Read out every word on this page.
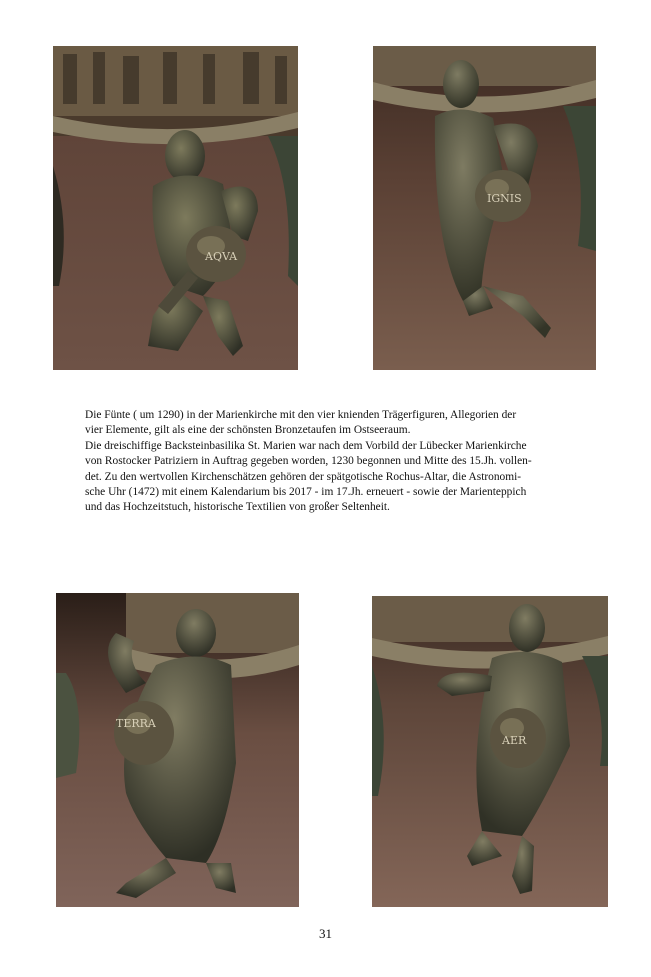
AQVA
IGNIS

Die Fünte ( um 1290) in der Marienkirche mit den vier knienden Trägerfiguren, Allegorien der
vier Elemente, gilt als eine der schönsten Bronzetaufen im Ostseeraum.
Die dreischiffige Backsteinbasilika St. Marien war nach dem Vorbild der Lübecker Marienkirche
von Rostocker Patriziern in Auftrag gegeben worden, 1230 begonnen und Mitte des 15.Jh. vollen-
det. Zu den wertvollen Kirchenschätzen gehören der spätgotische Rochus-Altar, die Astronomi-
sche Uhr (1472) mit einem Kalendarium bis 2017 - im 17.Jh. erneuert - sowie der Marienteppich
und das Hochzeitstuch, historische Textilien von großer Seltenheit.

TERRA
AER
31
